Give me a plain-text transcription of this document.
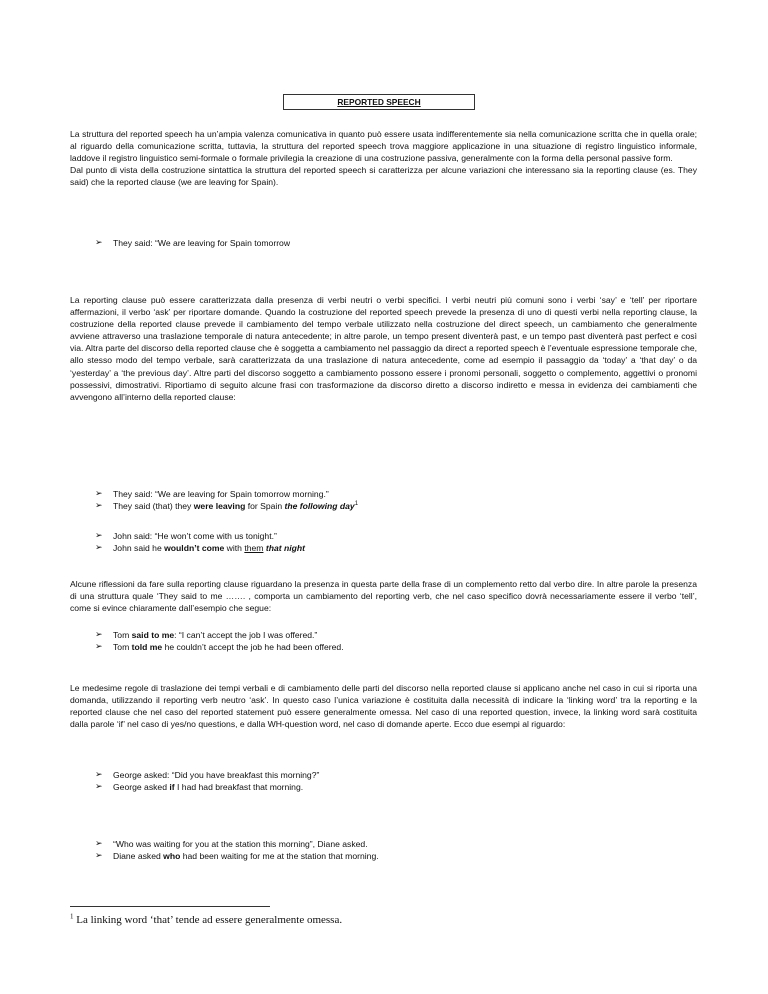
REPORTED SPEECH

La struttura del reported speech ha un’ampia valenza comunicativa in quanto può essere usata indifferentemente sia nella comunicazione scritta che in quella orale; al riguardo della comunicazione scritta, tuttavia, la struttura del reported speech trova maggiore applicazione in una situazione di registro linguistico informale, laddove il registro linguistico semi-formale o formale privilegia la creazione di una costruzione passiva, generalmente con la forma della personal passive form.
Dal punto di vista della costruzione sintattica la struttura del reported speech si caratterizza per alcune variazioni che interessano sia la reporting clause (es. They said) che la reported clause (we are leaving for Spain).

➢ They said: “We are leaving for Spain tomorrow

La reporting clause può essere caratterizzata dalla presenza di verbi neutri o verbi specifici. I verbi neutri più comuni sono i verbi ‘say’ e ‘tell’ per riportare affermazioni, il verbo ‘ask’ per riportare domande. Quando la costruzione del reported speech prevede la presenza di uno di questi verbi nella reporting clause, la costruzione della reported clause prevede il cambiamento del tempo verbale utilizzato nella costruzione del direct speech, un cambiamento che generalmente avviene attraverso una traslazione temporale di natura antecedente; in altre parole, un tempo present diventerà past, e un tempo past diventerà past perfect e così via. Altra parte del discorso della reported clause che è soggetta a cambiamento nel passaggio da direct a reported speech è l’eventuale espressione temporale che, allo stesso modo del tempo verbale, sarà caratterizzata da una traslazione di natura antecedente, come ad esempio il passaggio da ‘today’ a ‘that day’ o da ‘yesterday’ a ‘the previous day’. Altre parti del discorso soggetto a cambiamento possono essere i pronomi personali, soggetto o complemento, aggettivi o pronomi possessivi, dimostrativi. Riportiamo di seguito alcune frasi con trasformazione da discorso diretto a discorso indiretto e messa in evidenza dei cambiamenti che avvengono all’interno della reported clause:

➢ They said: “We are leaving for Spain tomorrow morning.”
➢ They said (that) they were leaving for Spain the following day$^1$
➢ John said: “He won’t come with us tonight.”
➢ John said he wouldn’t come with them that night

Alcune riflessioni da fare sulla reporting clause riguardano la presenza in questa parte della frase di un complemento retto dal verbo dire. In altre parole la presenza di una struttura quale ‘They said to me ……. , comporta un cambiamento del reporting verb, che nel caso specifico dovrà necessariamente essere il verbo ‘tell’, come si evince chiaramente dall’esempio che segue:

➢ Tom said to me: “I can’t accept the job I was offered.”
➢ Tom told me he couldn’t accept the job he had been offered.

Le medesime regole di traslazione dei tempi verbali e di cambiamento delle parti del discorso nella reported clause si applicano anche nel caso in cui si riporta una domanda, utilizzando il reporting verb neutro ‘ask’. In questo caso l’unica variazione è costituita dalla necessità di indicare la ‘linking word’ tra la reporting e la reported clause che nel caso del reported statement può essere generalmente omessa. Nel caso di una reported question, invece, la linking word sarà costituita dalla parole ‘if’ nel caso di yes/no questions, e dalla WH-question word, nel caso di domande aperte. Ecco due esempi al riguardo:

➢ George asked: “Did you have breakfast this morning?”
➢ George asked if I had had breakfast that morning.
➢ “Who was waiting for you at the station this morning”, Diane asked.
➢ Diane asked who had been waiting for me at the station that morning.
$^1$ La linking word ‘that’ tende ad essere generalmente omessa.
